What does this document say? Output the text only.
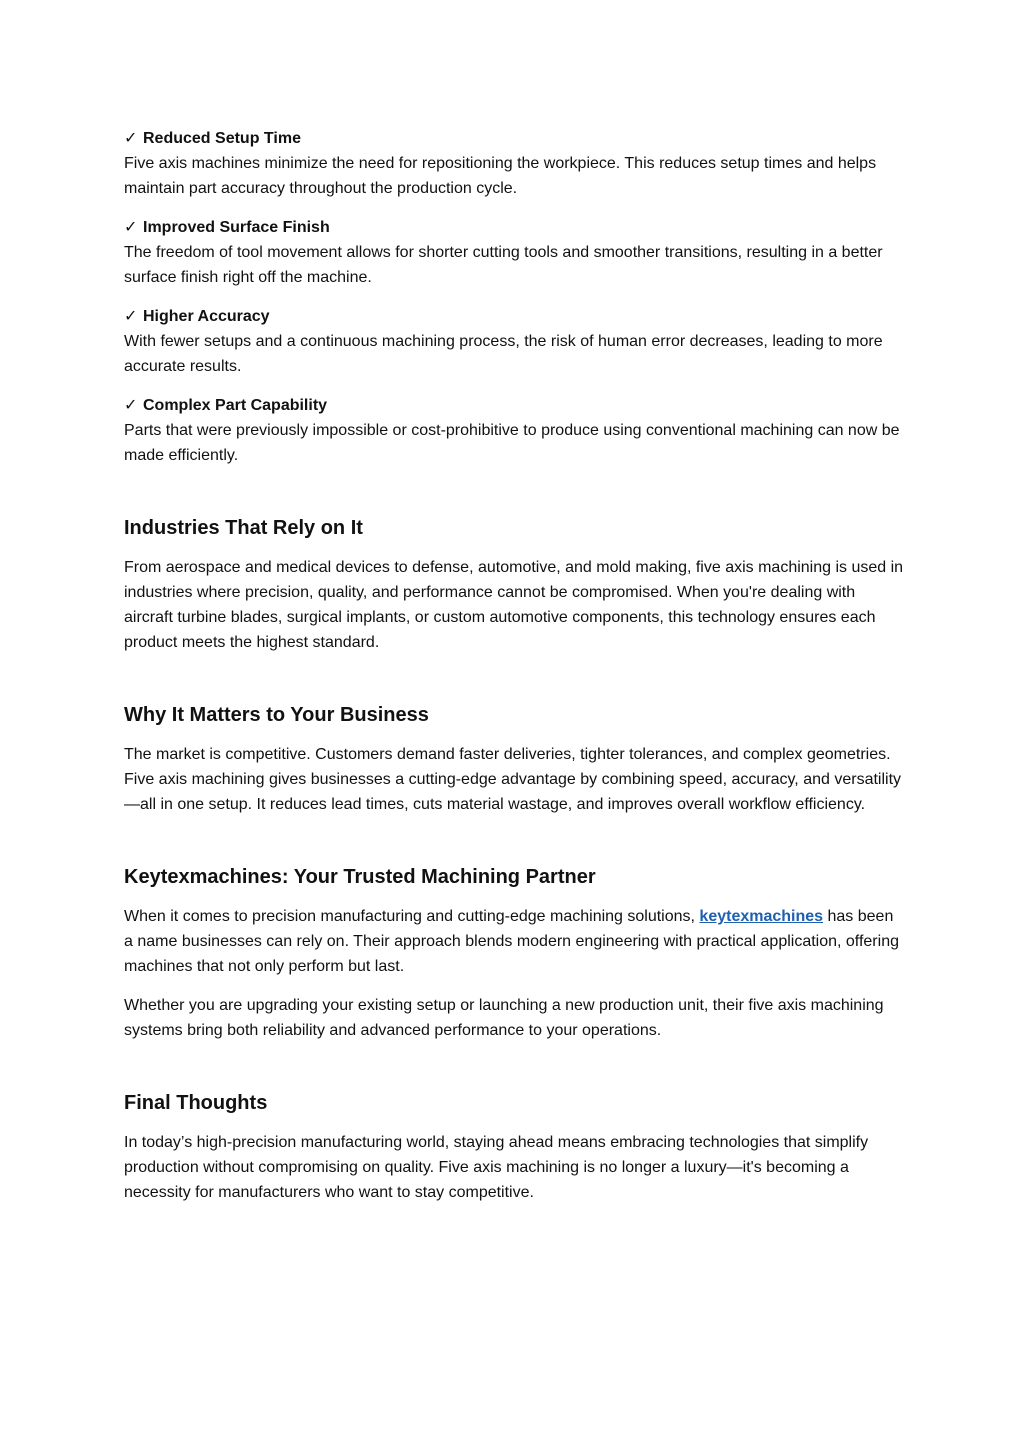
✓ Reduced Setup Time

Five axis machines minimize the need for repositioning the workpiece. This reduces setup times and helps maintain part accuracy throughout the production cycle.

✓ Improved Surface Finish

The freedom of tool movement allows for shorter cutting tools and smoother transitions, resulting in a better surface finish right off the machine.

✓ Higher Accuracy

With fewer setups and a continuous machining process, the risk of human error decreases, leading to more accurate results.

✓ Complex Part Capability

Parts that were previously impossible or cost-prohibitive to produce using conventional machining can now be made efficiently.

Industries That Rely on It

From aerospace and medical devices to defense, automotive, and mold making, five axis machining is used in industries where precision, quality, and performance cannot be compromised. When you're dealing with aircraft turbine blades, surgical implants, or custom automotive components, this technology ensures each product meets the highest standard.

Why It Matters to Your Business

The market is competitive. Customers demand faster deliveries, tighter tolerances, and complex geometries. Five axis machining gives businesses a cutting-edge advantage by combining speed, accuracy, and versatility—all in one setup. It reduces lead times, cuts material wastage, and improves overall workflow efficiency.

Keytexmachines: Your Trusted Machining Partner

When it comes to precision manufacturing and cutting-edge machining solutions, keytexmachines has been a name businesses can rely on. Their approach blends modern engineering with practical application, offering machines that not only perform but last.

Whether you are upgrading your existing setup or launching a new production unit, their five axis machining systems bring both reliability and advanced performance to your operations.

Final Thoughts

In today’s high-precision manufacturing world, staying ahead means embracing technologies that simplify production without compromising on quality. Five axis machining is no longer a luxury—it's becoming a necessity for manufacturers who want to stay competitive.
